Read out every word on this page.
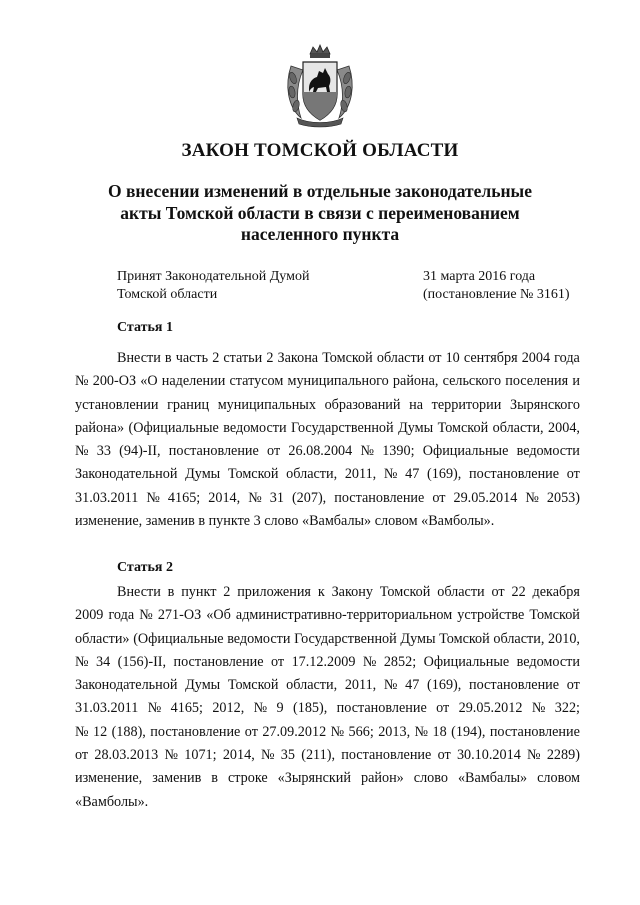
ЗАКОН ТОМСКОЙ ОБЛАСТИ
О внесении изменений в отдельные законодательные
акты Томской области в связи с переименованием
населенного пункта
Принят Законодательной Думой
Томской области
31 марта 2016 года
(постановление № 3161)
Статья 1
Внести в часть 2 статьи 2 Закона Томской области от 10 сентября 2004 года
№ 200-ОЗ «О наделении статусом муниципального района, сельского поселения и
установлении границ муниципальных образований на территории Зырянского
района» (Официальные ведомости Государственной Думы Томской области, 2004,
№ 33 (94)-II, постановление от 26.08.2004 № 1390; Официальные ведомости
Законодательной Думы Томской области, 2011, № 47 (169), постановление от
31.03.2011 № 4165; 2014, № 31 (207), постановление от 29.05.2014 № 2053)
изменение, заменив в пункте 3 слово «Вамбалы» словом «Вамболы».
Статья 2
Внести в пункт 2 приложения к Закону Томской области от 22 декабря
2009 года № 271-ОЗ «Об административно-территориальном устройстве Томской
области» (Официальные ведомости Государственной Думы Томской области, 2010,
№ 34 (156)-II, постановление от 17.12.2009 № 2852; Официальные ведомости
Законодательной Думы Томской области, 2011, № 47 (169), постановление от
31.03.2011 № 4165; 2012, № 9 (185), постановление от 29.05.2012 № 322;
№ 12 (188), постановление от 27.09.2012 № 566; 2013, № 18 (194), постановление
от 28.03.2013 № 1071; 2014, № 35 (211), постановление от 30.10.2014 № 2289)
изменение, заменив в строке «Зырянский район» слово «Вамбалы» словом
«Вамболы».
